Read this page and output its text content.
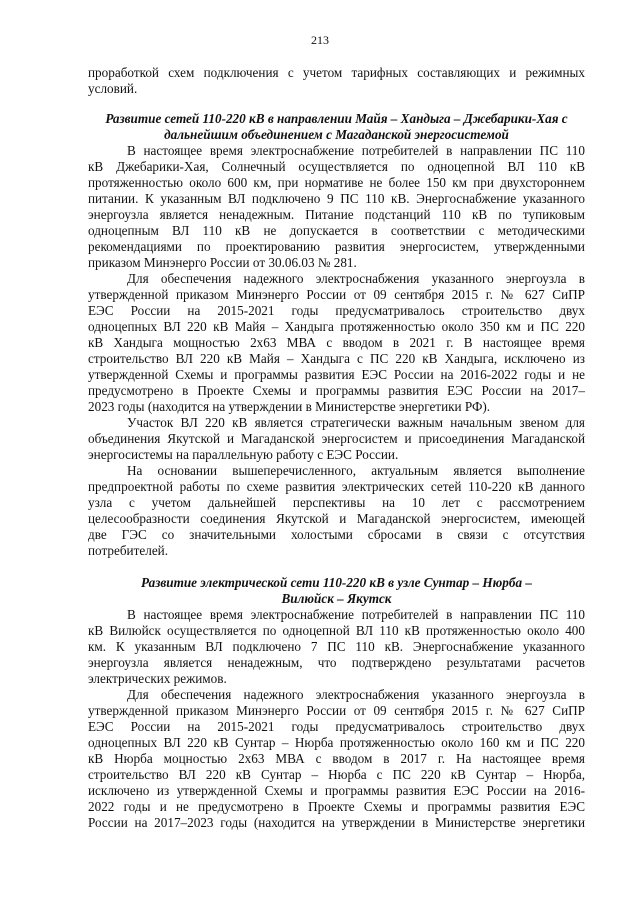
213
проработкой схем подключения с учетом тарифных составляющих и режимных
условий.
Развитие сетей 110-220 кВ в направлении Майя – Хандыга – Джебарики-Хая с
дальнейшим объединением с Магаданской энергосистемой
В настоящее время электроснабжение потребителей в направлении ПС 110
кВ Джебарики-Хая, Солнечный осуществляется по одноцепной ВЛ 110 кВ
протяженностью около 600 км, при нормативе не более 150 км при двухстороннем
питании. К указанным ВЛ подключено 9 ПС 110 кВ. Энергоснабжение указанного
энергоузла является ненадежным. Питание подстанций 110 кВ по тупиковым
одноцепным ВЛ 110 кВ не допускается в соответствии с методическими
рекомендациями по проектированию развития энергосистем, утвержденными
приказом Минэнерго России от 30.06.03 № 281.
Для обеспечения надежного электроснабжения указанного энергоузла в
утвержденной приказом Минэнерго России от 09 сентября 2015 г. № 627 СиПР
ЕЭС России на 2015-2021 годы предусматривалось строительство двух
одноцепных ВЛ 220 кВ Майя – Хандыга протяженностью около 350 км и ПС 220
кВ Хандыга мощностью 2х63 МВА с вводом в 2021 г. В настоящее время
строительство ВЛ 220 кВ Майя – Хандыга с ПС 220 кВ Хандыга, исключено из
утвержденной Схемы и программы развития ЕЭС России на 2016-2022 годы и не
предусмотрено в Проекте Схемы и программы развития ЕЭС России на 2017–
2023 годы (находится на утверждении в Министерстве энергетики РФ).
Участок ВЛ 220 кВ является стратегически важным начальным звеном для
объединения Якутской и Магаданской энергосистем и присоединения Магаданской
энергосистемы на параллельную работу с ЕЭС России.
На основании вышеперечисленного, актуальным является выполнение
предпроектной работы по схеме развития электрических сетей 110-220 кВ данного
узла с учетом дальнейшей перспективы на 10 лет с рассмотрением
целесообразности соединения Якутской и Магаданской энергосистем, имеющей
две ГЭС со значительными холостыми сбросами в связи с отсутствия
потребителей.
Развитие электрической сети 110-220 кВ в узле Сунтар – Нюрба –
Вилюйск – Якутск
В настоящее время электроснабжение потребителей в направлении ПС 110
кВ Вилюйск осуществляется по одноцепной ВЛ 110 кВ протяженностью около 400
км. К указанным ВЛ подключено 7 ПС 110 кВ. Энергоснабжение указанного
энергоузла является ненадежным, что подтверждено результатами расчетов
электрических режимов.
Для обеспечения надежного электроснабжения указанного энергоузла в
утвержденной приказом Минэнерго России от 09 сентября 2015 г. № 627 СиПР
ЕЭС России на 2015-2021 годы предусматривалось строительство двух
одноцепных ВЛ 220 кВ Сунтар – Нюрба протяженностью около 160 км и ПС 220
кВ Нюрба моцностью 2х63 МВА с вводом в 2017 г. На настоящее время
строительство ВЛ 220 кВ Сунтар – Нюрба с ПС 220 кВ Сунтар – Нюрба,
исключено из утвержденной Схемы и программы развития ЕЭС России на 2016-
2022 годы и не предусмотрено в Проекте Схемы и программы развития ЕЭС
России на 2017–2023 годы (находится на утверждении в Министерстве энергетики
